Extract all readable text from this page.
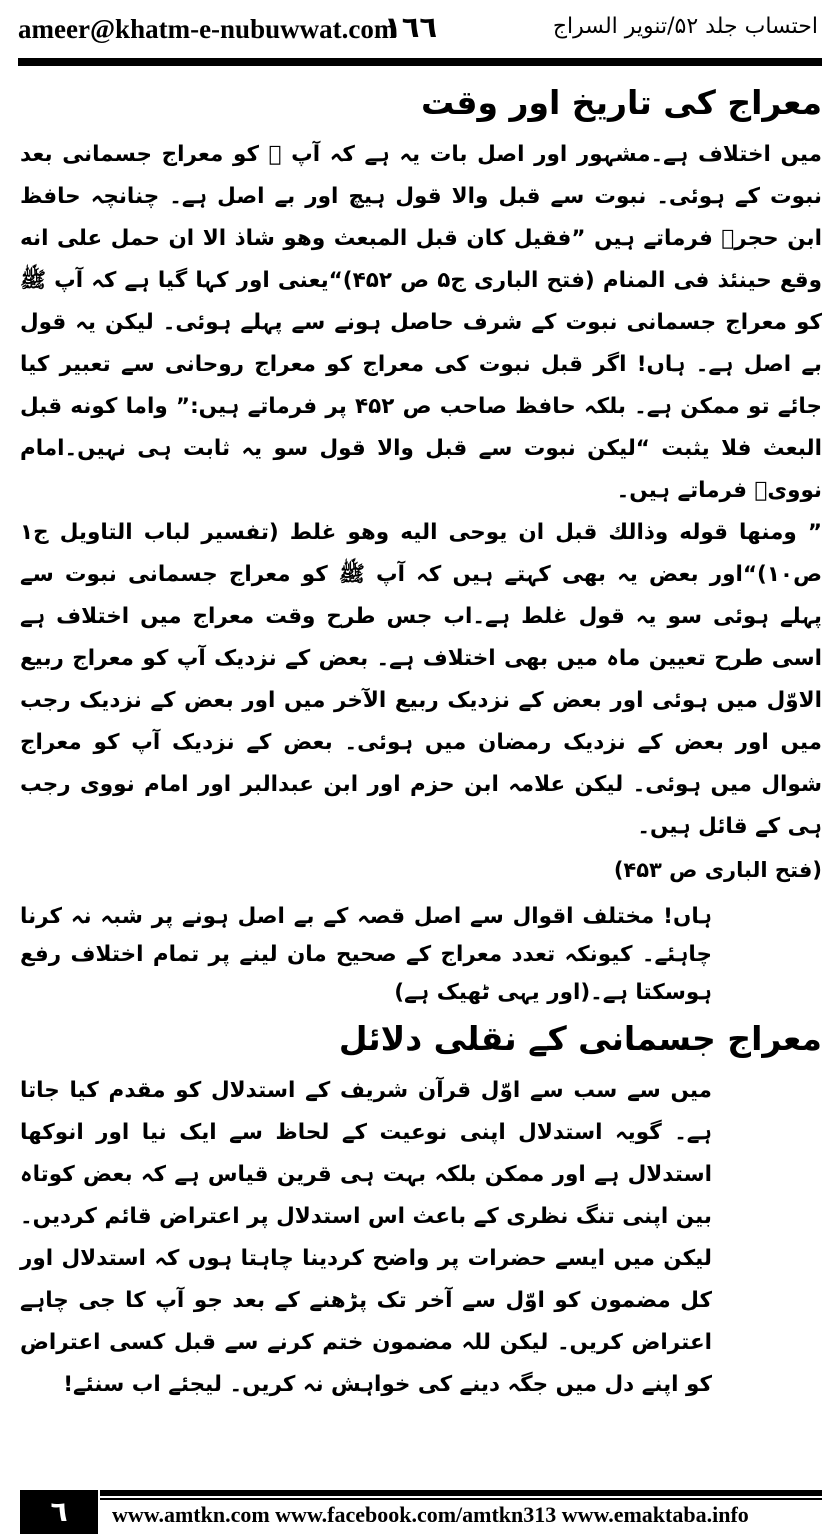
ameer@khatm-e-nubuwwat.com
١٦٦	احتساب جلد ۵۲/تنویر السراج
معراج کی تاریخ اور وقت

میں اختلاف ہے۔مشہور اور اصل بات یہ ہے کہ آپ ﷺ کو معراج جسمانی بعد نبوت کے ہوئی۔ نبوت سے قبل والا قول ہیچ اور بے اصل ہے۔ چنانچہ حافظ ابن حجرؒ فرماتے ہیں ”فقیل کان قبل المبعث وهو شاذ الا ان حمل على انه وقع حينئذ فی المنام (فتح الباری ج۵ ص ۴۵۲)“یعنی اور کہا گیا ہے کہ آپ ﷺ کو معراج جسمانی نبوت کے شرف حاصل ہونے سے پہلے ہوئی۔ لیکن یہ قول بے اصل ہے۔ ہاں! اگر قبل نبوت کی معراج کو معراج روحانی سے تعبیر کیا جائے تو ممکن ہے۔ بلکہ حافظ صاحب ص ۴۵۲ پر فرماتے ہیں:” واما كونه قبل البعث فلا يثبت “لیکن نبوت سے قبل والا قول سو یہ ثابت ہی نہیں۔امام نوویؒ فرماتے ہیں۔

” ومنها قوله وذالك قبل ان يوحى اليه وهو غلط (تفسیر لباب التاویل ج۱ ص۱۰)“اور بعض یہ بھی کہتے ہیں کہ آپ ﷺ کو معراج جسمانی نبوت سے پہلے ہوئی سو یہ قول غلط ہے۔اب جس طرح وقت معراج میں اختلاف ہے اسی طرح تعیین ماہ میں بھی اختلاف ہے۔ بعض کے نزدیک آپ کو معراج ربیع الاوّل میں ہوئی اور بعض کے نزدیک ربیع الآخر میں اور بعض کے نزدیک رجب میں اور بعض کے نزدیک رمضان میں ہوئی۔ بعض کے نزدیک آپ کو معراج شوال میں ہوئی۔ لیکن علامہ ابن حزم اور ابن عبدالبر اور امام نووی رجب ہی کے قائل ہیں۔

(فتح الباری ص ۴۵۳)

ہاں! مختلف اقوال سے اصل قصہ کے بے اصل ہونے پر شبہ نہ کرنا چاہئے۔ کیونکہ تعدد معراج کے صحیح مان لینے پر تمام اختلاف رفع ہوسکتا ہے۔(اور یہی ٹھیک ہے)

معراج جسمانی کے نقلی دلائل

میں سے سب سے اوّل قرآن شریف کے استدلال کو مقدم کیا جاتا ہے۔ گویہ استدلال اپنی نوعیت کے لحاظ سے ایک نیا اور انوکھا استدلال ہے اور ممکن بلکہ بہت ہی قرین قیاس ہے کہ بعض کوتاہ بین اپنی تنگ نظری کے باعث اس استدلال پر اعتراض قائم کردیں۔ لیکن میں ایسے حضرات پر واضح کردینا چاہتا ہوں کہ استدلال اور کل مضمون کو اوّل سے آخر تک پڑھنے کے بعد جو آپ کا جی چاہے اعتراض کریں۔ لیکن للہ مضمون ختم کرنے سے قبل کسی اعتراض کو اپنے دل میں جگہ دینے کی خواہش نہ کریں۔ لیجئے اب سنئے!

٦	www.amtkn.com www.facebook.com/amtkn313 www.emaktaba.info
